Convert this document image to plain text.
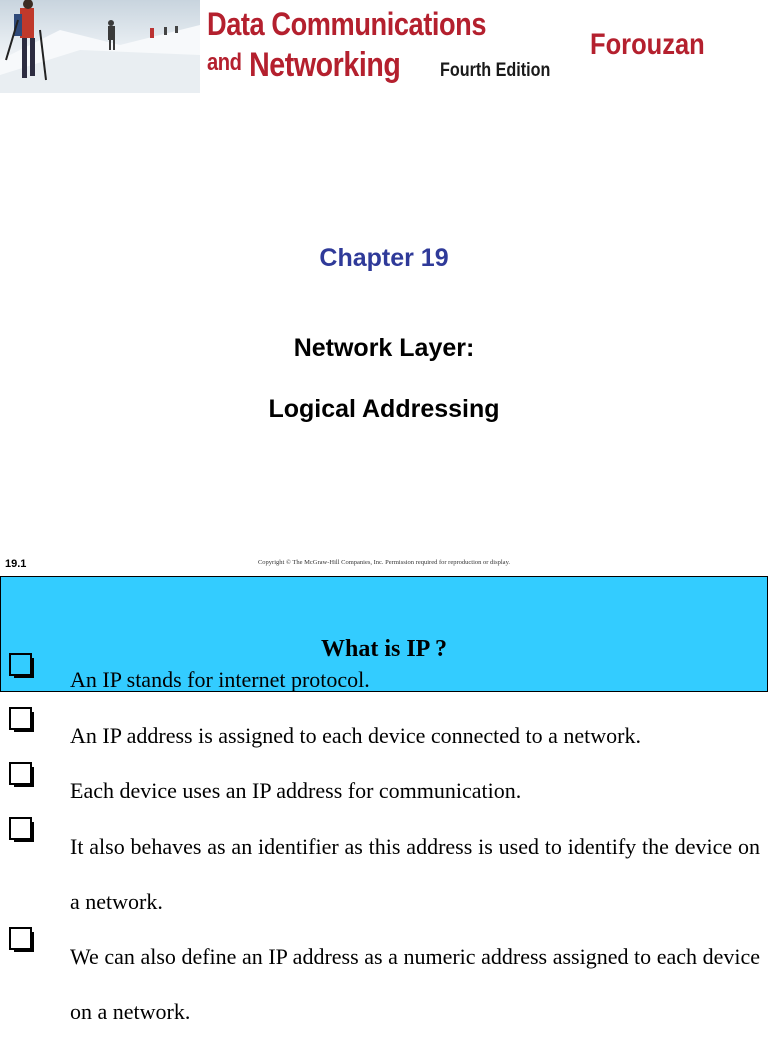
Data Communications
and Networking Fourth Edition

Forouzan

Chapter 19
Network Layer:
Logical Addressing

19.1	Copyright © The McGraw-Hill Companies, Inc. Permission required for reproduction or display.

What is IP ?

An IP stands for internet protocol.

An IP address is assigned to each device connected to a network.

Each device uses an IP address for communication.

It also behaves as an identifier as this address is used to identify the device on a network.

We can also define an IP address as a numeric address assigned to each device on a network.
